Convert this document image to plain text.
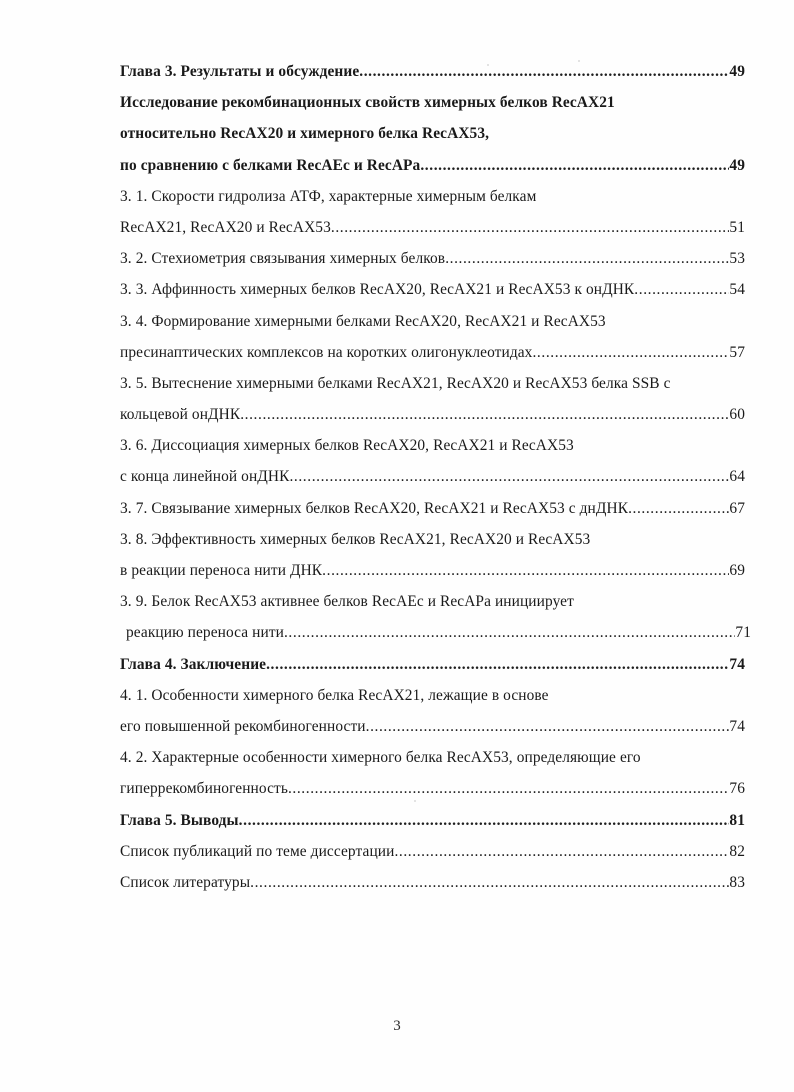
Глава 3. Результаты и обсуждение .....	49
Исследование рекомбинационных свойств химерных белков RecAX21
относительно RecAX20 и химерного белка RecAX53,
по сравнению с белками RecAEc и RecAPa .....	49
3. 1. Скорости гидролиза АТФ, характерные химерным белкам
RecAX21, RecAX20 и RecAX53 .....	51
3. 2. Стехиометрия связывания химерных белков .....	53
3. 3. Аффинность химерных белков RecAX20, RecAX21 и RecAX53 к онДНК .....	54
3. 4. Формирование химерными белками RecAX20, RecAX21 и RecAX53
пресинаптических комплексов на коротких олигонуклеотидах .....	57
3. 5. Вытеснение химерными белками RecAX21, RecAX20 и RecAX53 белка SSB с
кольцевой онДНК .....	60
3. 6. Диссоциация химерных белков RecAX20, RecAX21 и RecAX53
с конца линейной онДНК .....	64
3. 7. Связывание химерных белков RecAX20, RecAX21 и RecAX53 с днДНК .....	67
3. 8. Эффективность химерных белков RecAX21, RecAX20 и RecAX53
в реакции переноса нити ДНК .....	69
3. 9. Белок RecAX53 активнее белков RecAEc и RecAPa инициирует
реакцию переноса нити .....	71
Глава 4. Заключение .....	74
4. 1. Особенности химерного белка RecAX21, лежащие в основе
его повышенной рекомбиногенности .....	74
4. 2. Характерные особенности химерного белка RecAX53, определяющие его
гиперрекомбиногенность .....	76
Глава 5. Выводы .....	81
Список публикаций по теме диссертации .....	82
Список литературы .....	83
3
